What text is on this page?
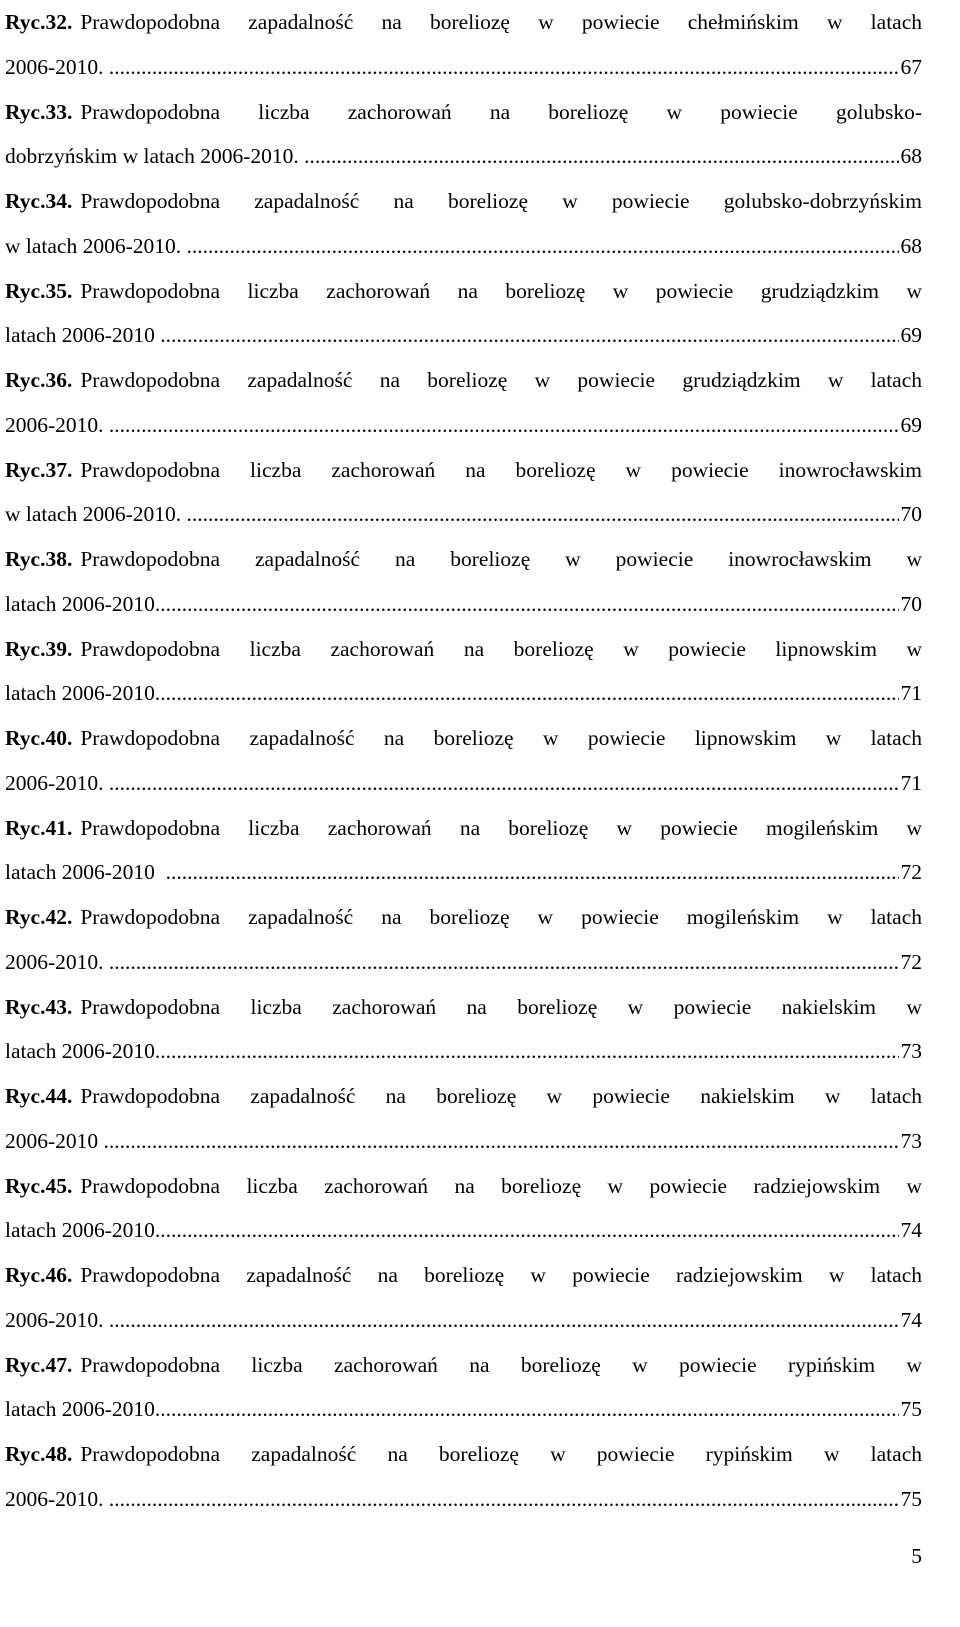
Ryc.32. Prawdopodobna zapadalność na boreliozę w powiecie chełmińskim w latach
2006-2010. .....	67
Ryc.33. Prawdopodobna liczba zachorowań na boreliozę w powiecie golubsko-
dobrzyńskim w latach 2006-2010. .....	68
Ryc.34. Prawdopodobna zapadalność na boreliozę w powiecie golubsko-dobrzyńskim
w latach 2006-2010. .....	68
Ryc.35. Prawdopodobna liczba zachorowań na boreliozę w powiecie grudziądzkim w
latach 2006-2010 .....	69
Ryc.36. Prawdopodobna zapadalność na boreliozę w powiecie grudziądzkim w latach
2006-2010. .....	69
Ryc.37. Prawdopodobna liczba zachorowań na boreliozę w powiecie inowrocławskim
w latach 2006-2010. .....	70
Ryc.38. Prawdopodobna zapadalność na boreliozę w powiecie inowrocławskim w
latach 2006-2010 .....	70
Ryc.39. Prawdopodobna liczba zachorowań na boreliozę w powiecie lipnowskim w
latach 2006-2010 .....	71
Ryc.40. Prawdopodobna zapadalność na boreliozę w powiecie lipnowskim w latach
2006-2010. .....	71
Ryc.41. Prawdopodobna liczba zachorowań na boreliozę w powiecie mogileńskim w
latach 2006-2010 .....	72
Ryc.42. Prawdopodobna zapadalność na boreliozę w powiecie mogileńskim w latach
2006-2010. .....	72
Ryc.43. Prawdopodobna liczba zachorowań na boreliozę w powiecie nakielskim w
latach 2006-2010 .....	73
Ryc.44. Prawdopodobna zapadalność na boreliozę w powiecie nakielskim w latach
2006-2010 .....	73
Ryc.45. Prawdopodobna liczba zachorowań na boreliozę w powiecie radziejowskim w
latach 2006-2010 .....	74
Ryc.46. Prawdopodobna zapadalność na boreliozę w powiecie radziejowskim w latach
2006-2010. .....	74
Ryc.47. Prawdopodobna liczba zachorowań na boreliozę w powiecie rypińskim w
latach 2006-2010 .....	75
Ryc.48. Prawdopodobna zapadalność na boreliozę w powiecie rypińskim w latach
2006-2010. .....	75
5
